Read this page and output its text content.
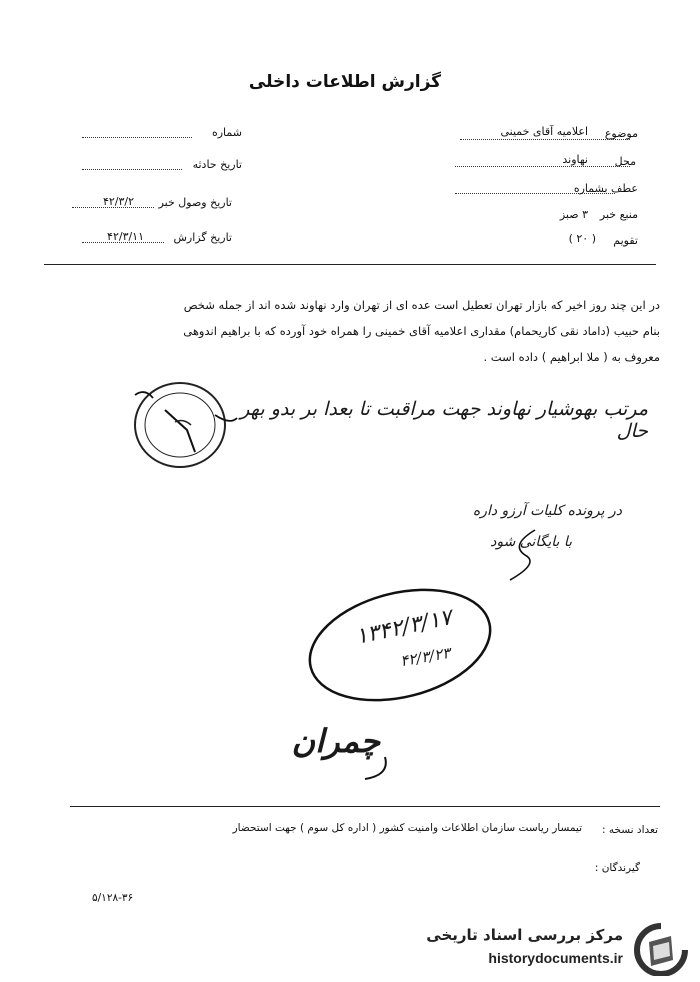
گزارش اطلاعات داخلی
موضوع
اعلامیه آقای خمینی
محل
نهاوند
عطف بشماره
منبع خبر
۳ صبز
تقویم
( ۲۰ )
شماره
تاریخ حادثه
تاریخ وصول خبر
۴۲/۳/۲
تاریخ گزارش
۴۲/۳/۱۱
در این چند روز اخیر که بازار تهران تعطیل است عده ای از تهران وارد نهاوند شده اند از جمله شخص
بنام حبیب (داماد نقی کاریحمام) مقداری اعلامیه آقای خمینی را همراه خود آورده که با براهیم اندوهی
معروف به ( ملا ابراهیم ) داده است .
مرتب بهوشیار نهاوند جهت مراقبت تا بعدا بر بدو بهر حال
در پرونده کلیات آرزو داره
با بایگانی شود
۱۳۴۲/۳/۱۷
۴۲/۳/۲۳
چمران
تعداد نسخه :
تیمسار ریاست سازمان اطلاعات وامنیت کشور ( اداره کل سوم ) جهت استحضار
گیرندگان :
۵/۱۲۸-۳۶
مرکز بررسی اسناد تاریخی
historydocuments.ir
